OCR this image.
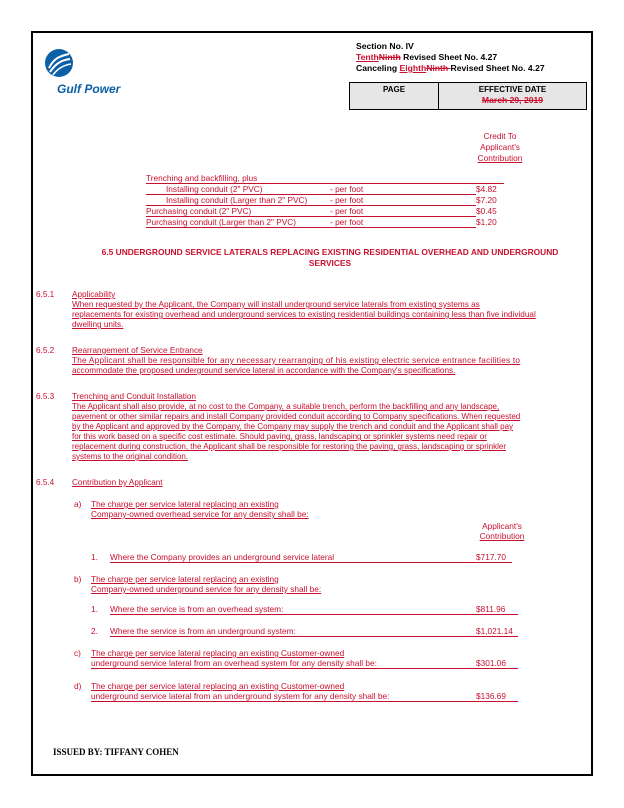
Gulf Power
Section No. IV
TenthNinth Revised Sheet No. 4.27
Canceling EighthNinth Revised Sheet No. 4.27
PAGE	EFFECTIVE DATE
March 29, 2019
Credit To
Applicant's
Contribution
Trenching and backfilling, plus
Installing conduit (2" PVC)	- per foot	$4.82
Installing conduit (Larger than 2" PVC)	- per foot	$7.20
Purchasing conduit (2" PVC)	- per foot	$0.45
Purchasing conduit (Larger than 2" PVC)	- per foot	$1.20
6.5 UNDERGROUND SERVICE LATERALS REPLACING EXISTING RESIDENTIAL OVERHEAD AND UNDERGROUND
SERVICES
6.5.1 Applicability
When requested by the Applicant, the Company will install underground service laterals from existing systems as
replacements for existing overhead and underground services to existing residential buildings containing less than five individual
dwelling units.
6.5.2 Rearrangement of Service Entrance
The Applicant shall be responsible for any necessary rearranging of his existing electric service entrance facilities to
accommodate the proposed underground service lateral in accordance with the Company's specifications.
6.5.3 Trenching and Conduit Installation
The Applicant shall also provide, at no cost to the Company, a suitable trench, perform the backfilling and any landscape,
pavement or other similar repairs and install Company provided conduit according to Company specifications. When requested
by the Applicant and approved by the Company, the Company may supply the trench and conduit and the Applicant shall pay
for this work based on a specific cost estimate. Should paving, grass, landscaping or sprinkler systems need repair or
replacement during construction, the Applicant shall be responsible for restoring the paving, grass, landscaping or sprinkler
systems to the original condition.
6.5.4 Contribution by Applicant
a) The charge per service lateral replacing an existing
Company-owned overhead service for any density shall be:
Applicant's
Contribution
1. Where the Company provides an underground service lateral	$717.70
b) The charge per service lateral replacing an existing
Company-owned underground service for any density shall be:
1. Where the service is from an overhead system:	$811.96
2. Where the service is from an underground system:	$1,021.14
c) The charge per service lateral replacing an existing Customer-owned
underground service lateral from an overhead system for any density shall be:	$301.06
d) The charge per service lateral replacing an existing Customer-owned
underground service lateral from an underground system for any density shall be:	$136.69
ISSUED BY: TIFFANY COHEN
